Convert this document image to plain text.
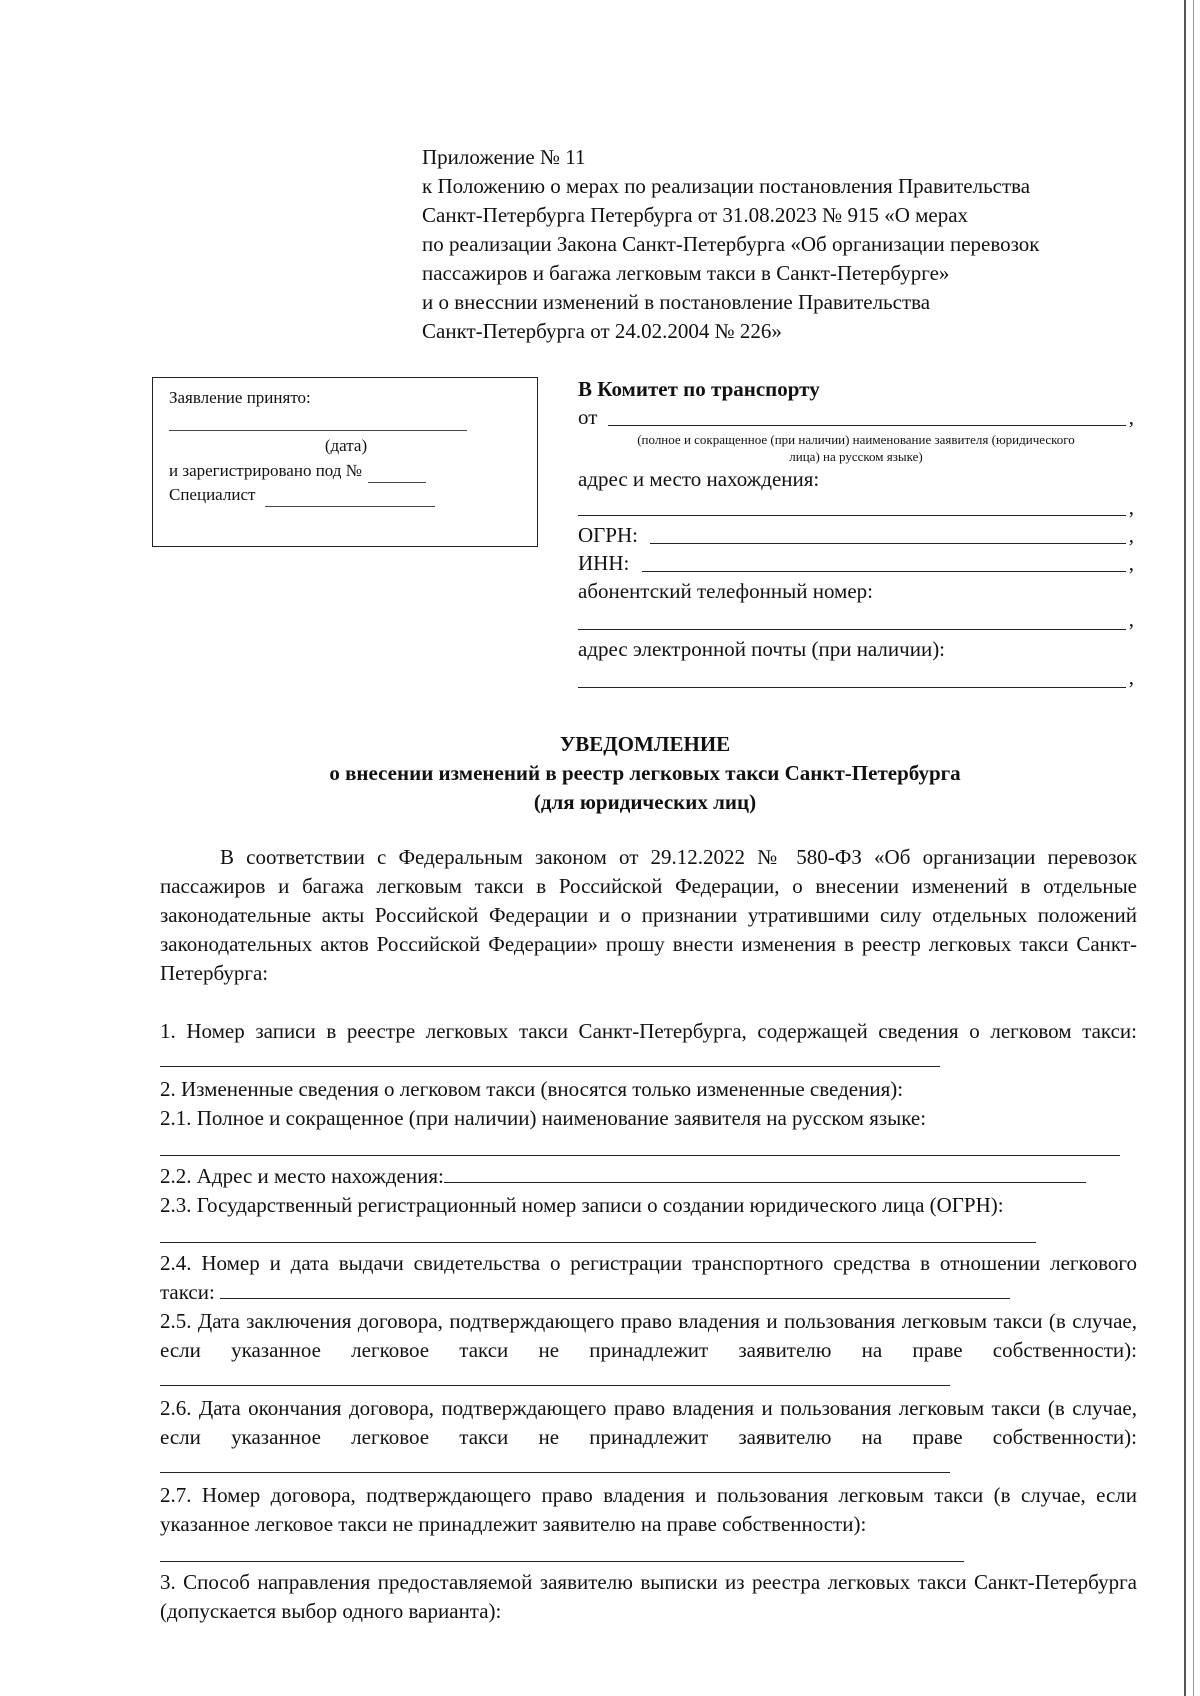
Приложение № 11
к Положению о мерах по реализации постановления Правительства
Санкт-Петербурга Петербурга от 31.08.2023 № 915 «О мерах
по реализации Закона Санкт-Петербурга «Об организации перевозок
пассажиров и багажа легковым такси в Санкт-Петербурге»
и о внесснии изменений в постановление Правительства
Санкт-Петербурга от 24.02.2004 № 226»
Заявление принято:
(дата)
и зарегистрировано под №
Специалист
В Комитет по транспорту
от	,
(полное и сокращенное (при наличии) наименование заявителя (юридического
лица) на русском языке)
адрес и место нахождения:
,
ОГРН:	,
ИНН:	,
абонентский телефонный номер:
,
адрес электронной почты (при наличии):
,
УВЕДОМЛЕНИЕ
о внесении изменений в реестр легковых такси Санкт-Петербурга
(для юридических лиц)

В соответствии с Федеральным законом от 29.12.2022 № 580-ФЗ «Об организации перевозок пассажиров и багажа легковым такси в Российской Федерации, о внесении изменений в отдельные законодательные акты Российской Федерации и о признании утратившими силу отдельных положений законодательных актов Российской Федерации» прошу внести изменения в реестр легковых такси Санкт-Петербурга:

1. Номер записи в реестре легковых такси Санкт-Петербурга, содержащей сведения о легковом такси:

2. Измененные сведения о легковом такси (вносятся только измененные сведения):

2.1. Полное и сокращенное (при наличии) наименование заявителя на русском языке:

2.2. Адрес и место нахождения:

2.3. Государственный регистрационный номер записи о создании юридического лица (ОГРН):

2.4. Номер и дата выдачи свидетельства о регистрации транспортного средства в отношении легкового такси:

2.5. Дата заключения договора, подтверждающего право владения и пользования легковым такси (в случае, если указанное легковое такси не принадлежит заявителю на праве собственности):

2.6. Дата окончания договора, подтверждающего право владения и пользования легковым такси (в случае, если указанное легковое такси не принадлежит заявителю на праве собственности):

2.7. Номер договора, подтверждающего право владения и пользования легковым такси (в случае, если указанное легковое такси не принадлежит заявителю на праве собственности):

3. Способ направления предоставляемой заявителю выписки из реестра легковых такси Санкт-Петербурга (допускается выбор одного варианта):
